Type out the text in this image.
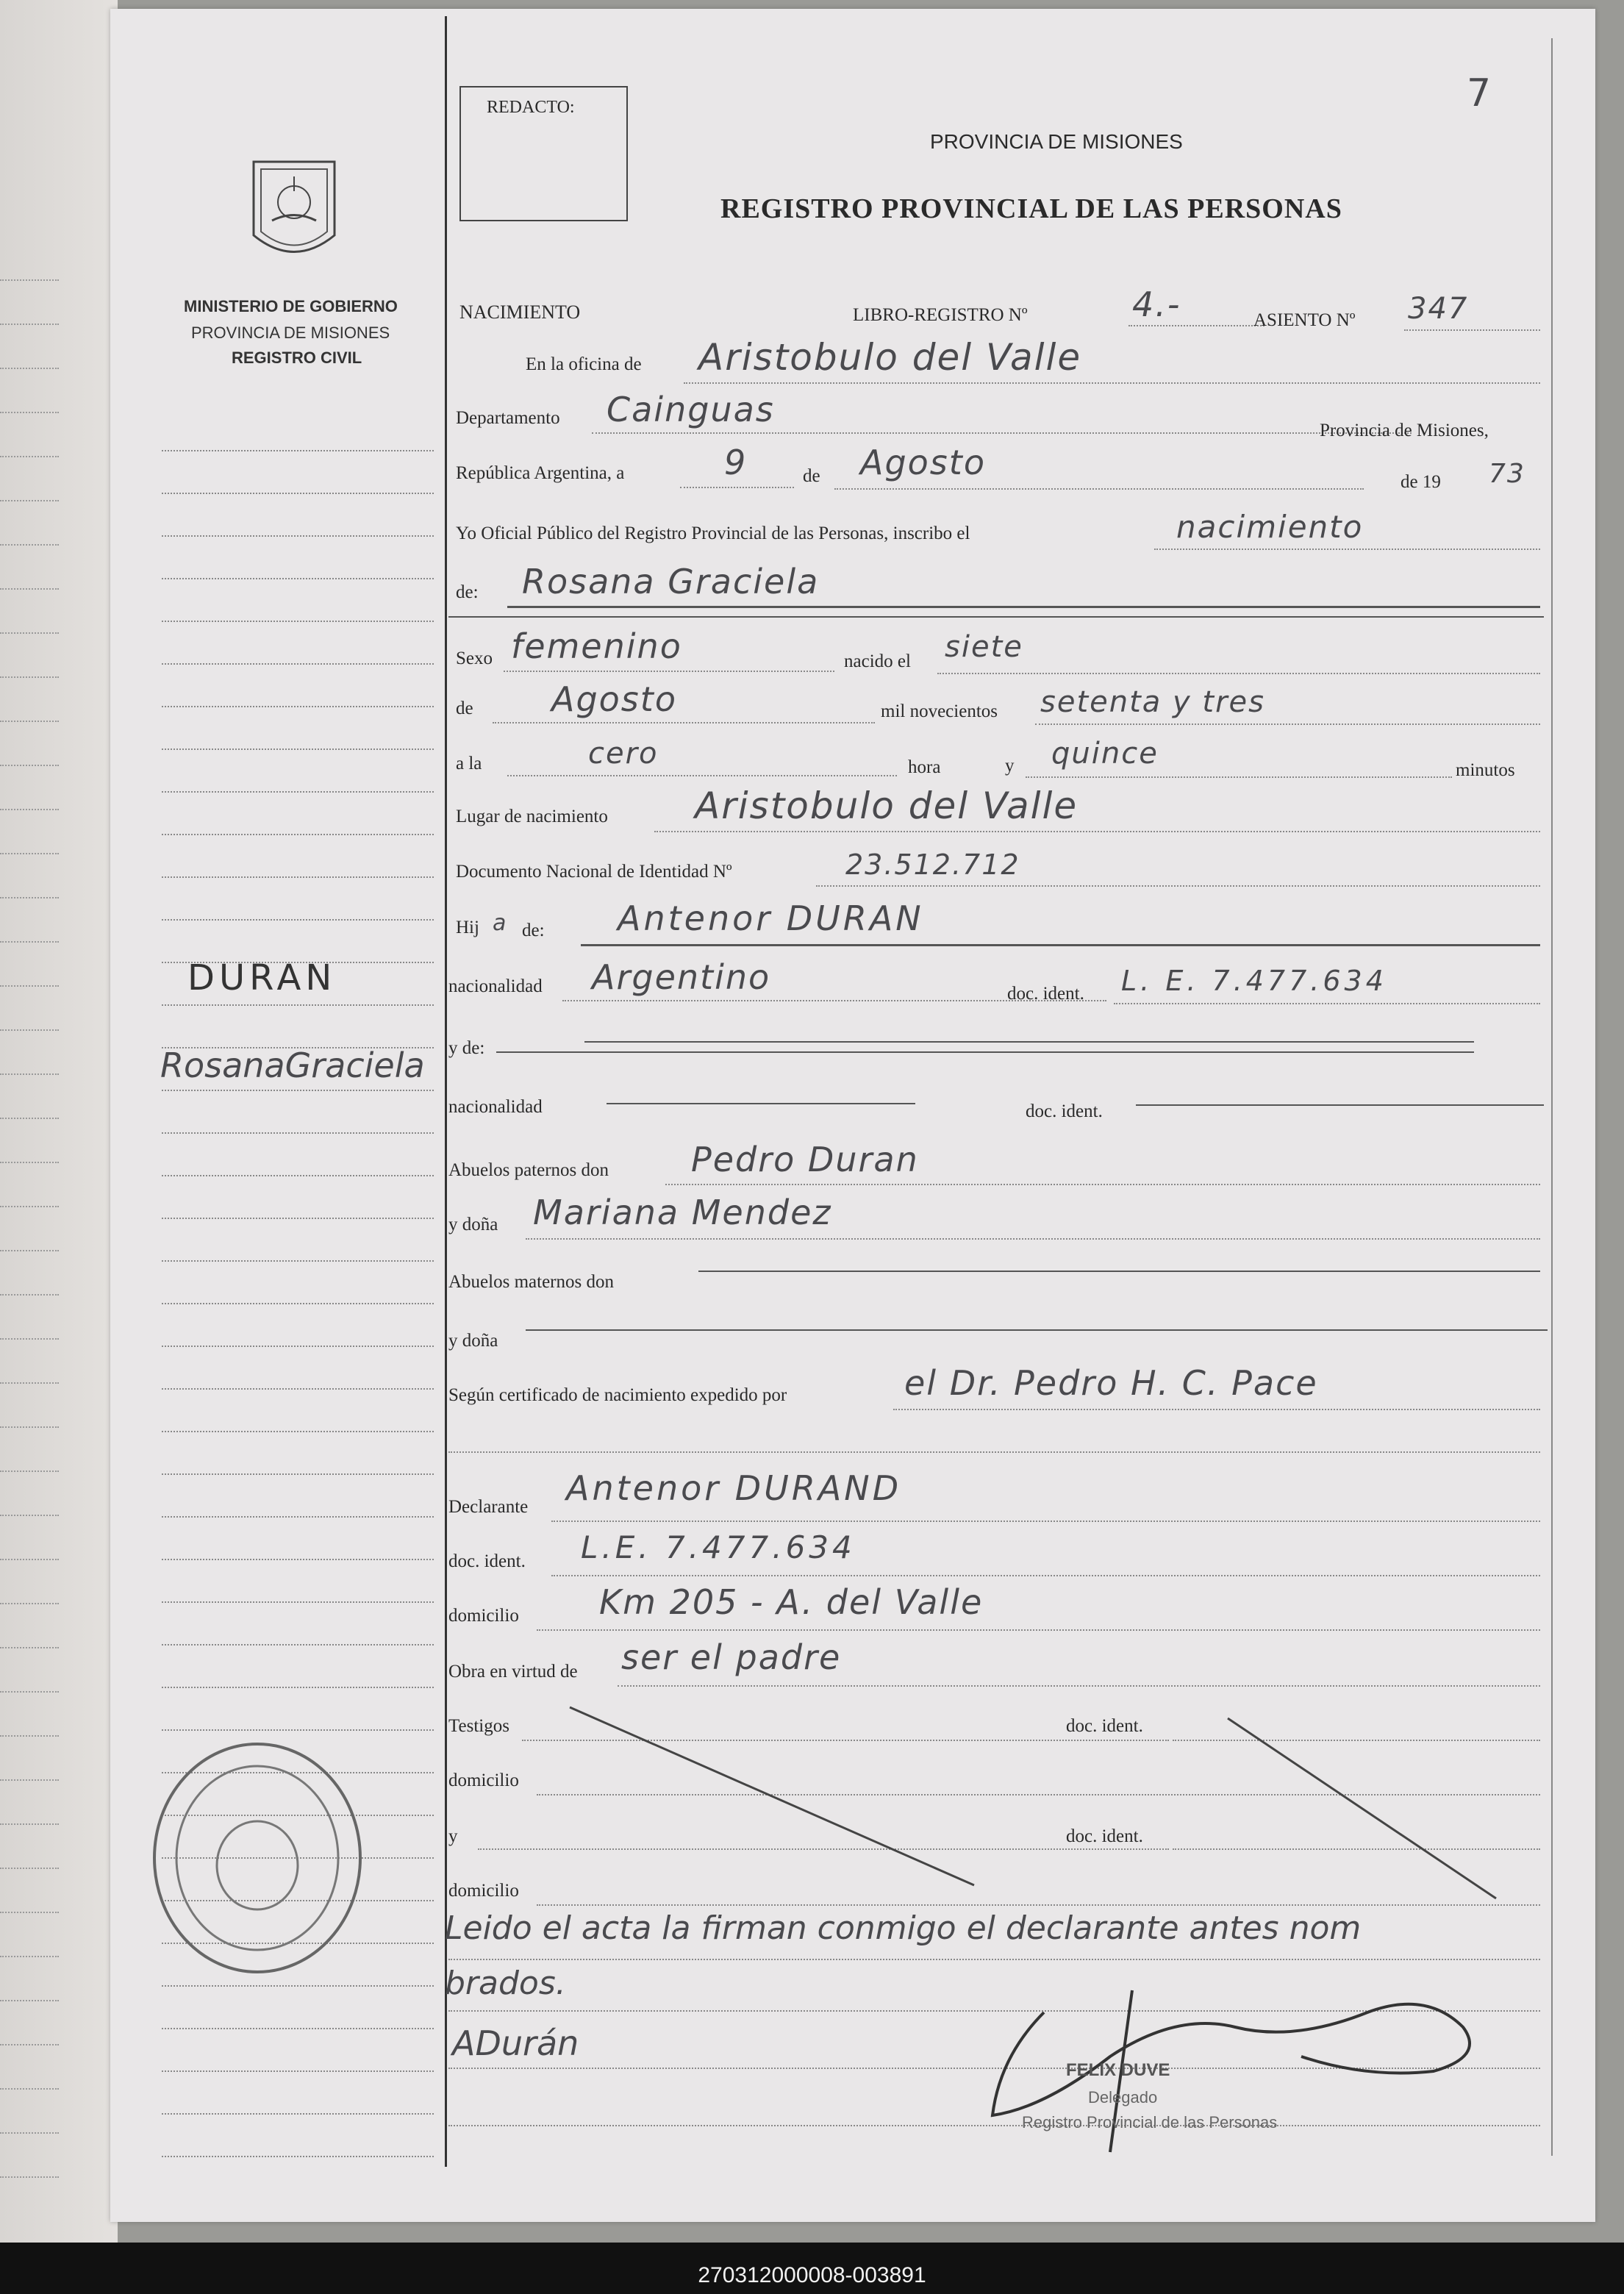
MINISTERIO DE GOBIERNO
PROVINCIA DE MISIONES
REGISTRO CIVIL
DURAN
RosanaGraciela
REDACTO:	7
PROVINCIA DE MISIONES
REGISTRO PROVINCIAL DE LAS PERSONAS
NACIMIENTO	LIBRO-REGISTRO Nº	4.-	ASIENTO Nº 347
En la oficina de Aristobulo del Valle
Departamento Cainguas
Provincia de Misiones,
República Argentina, a	9	de Agosto	de 19 73
Yo Oficial Público del Registro Provincial de las Personas, inscribo el	nacimiento
de: Rosana Graciela
Sexo femenino	nacido el siete
de Agosto	mil novecientos setenta y tres
a la	cero	hora	y quince	minutos
Lugar de nacimiento Aristobulo del Valle
Documento Nacional de Identidad Nº	23.512.712
Hij a de: Antenor DURAN
nacionalidad Argentino	doc. ident. L. E. 7.477.634
y de:
nacionalidad	doc. ident.
Abuelos paternos don Pedro Duran
y doña Mariana Mendez
Abuelos maternos don
y doña
Según certificado de nacimiento expedido por	el Dr. Pedro H. C. Pace
Declarante Antenor DURAND
doc. ident. L.E. 7.477.634
domicilio Km 205 - A. del Valle
Obra en virtud de ser el padre
Testigos	doc. ident.
domicilio
y	doc. ident.
domicilio
Leido el acta la firman conmigo el declarante antes nom
brados.
ADurán
FELIX DUVE
Delegado
Registro Provincial de las Personas
270312000008-003891
